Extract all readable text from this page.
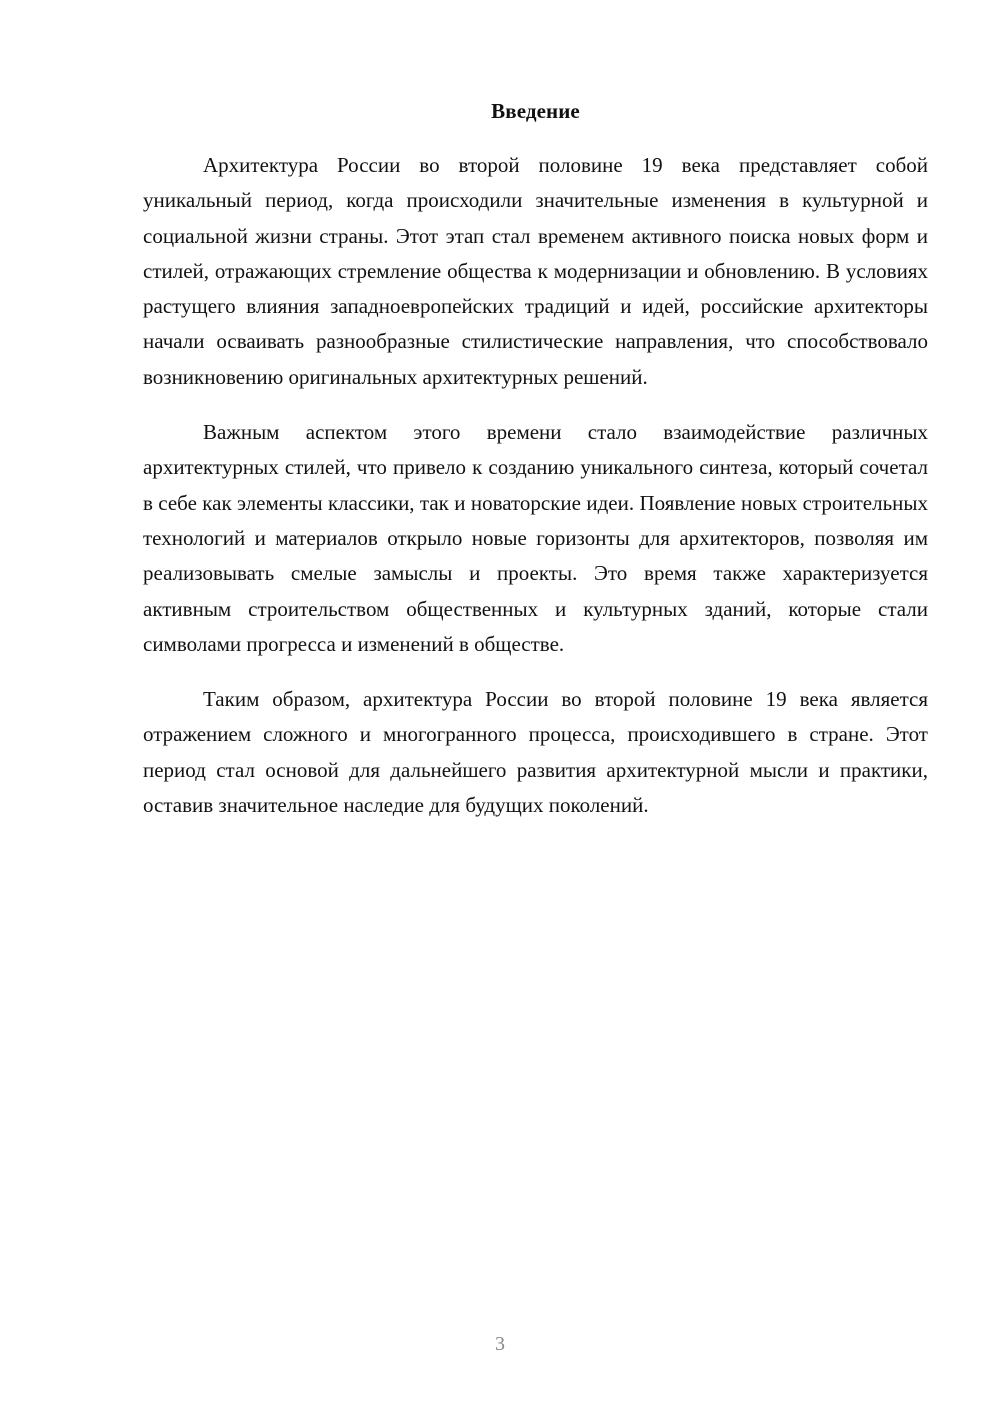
Введение

Архитектура России во второй половине 19 века представляет собой уникальный период, когда происходили значительные изменения в культурной и социальной жизни страны. Этот этап стал временем активного поиска новых форм и стилей, отражающих стремление общества к модернизации и обновлению. В условиях растущего влияния западноевропейских традиций и идей, российские архитекторы начали осваивать разнообразные стилистические направления, что способствовало возникновению оригинальных архитектурных решений.

Важным аспектом этого времени стало взаимодействие различных архитектурных стилей, что привело к созданию уникального синтеза, который сочетал в себе как элементы классики, так и новаторские идеи. Появление новых строительных технологий и материалов открыло новые горизонты для архитекторов, позволяя им реализовывать смелые замыслы и проекты. Это время также характеризуется активным строительством общественных и культурных зданий, которые стали символами прогресса и изменений в обществе.

Таким образом, архитектура России во второй половине 19 века является отражением сложного и многогранного процесса, происходившего в стране. Этот период стал основой для дальнейшего развития архитектурной мысли и практики, оставив значительное наследие для будущих поколений.

3
